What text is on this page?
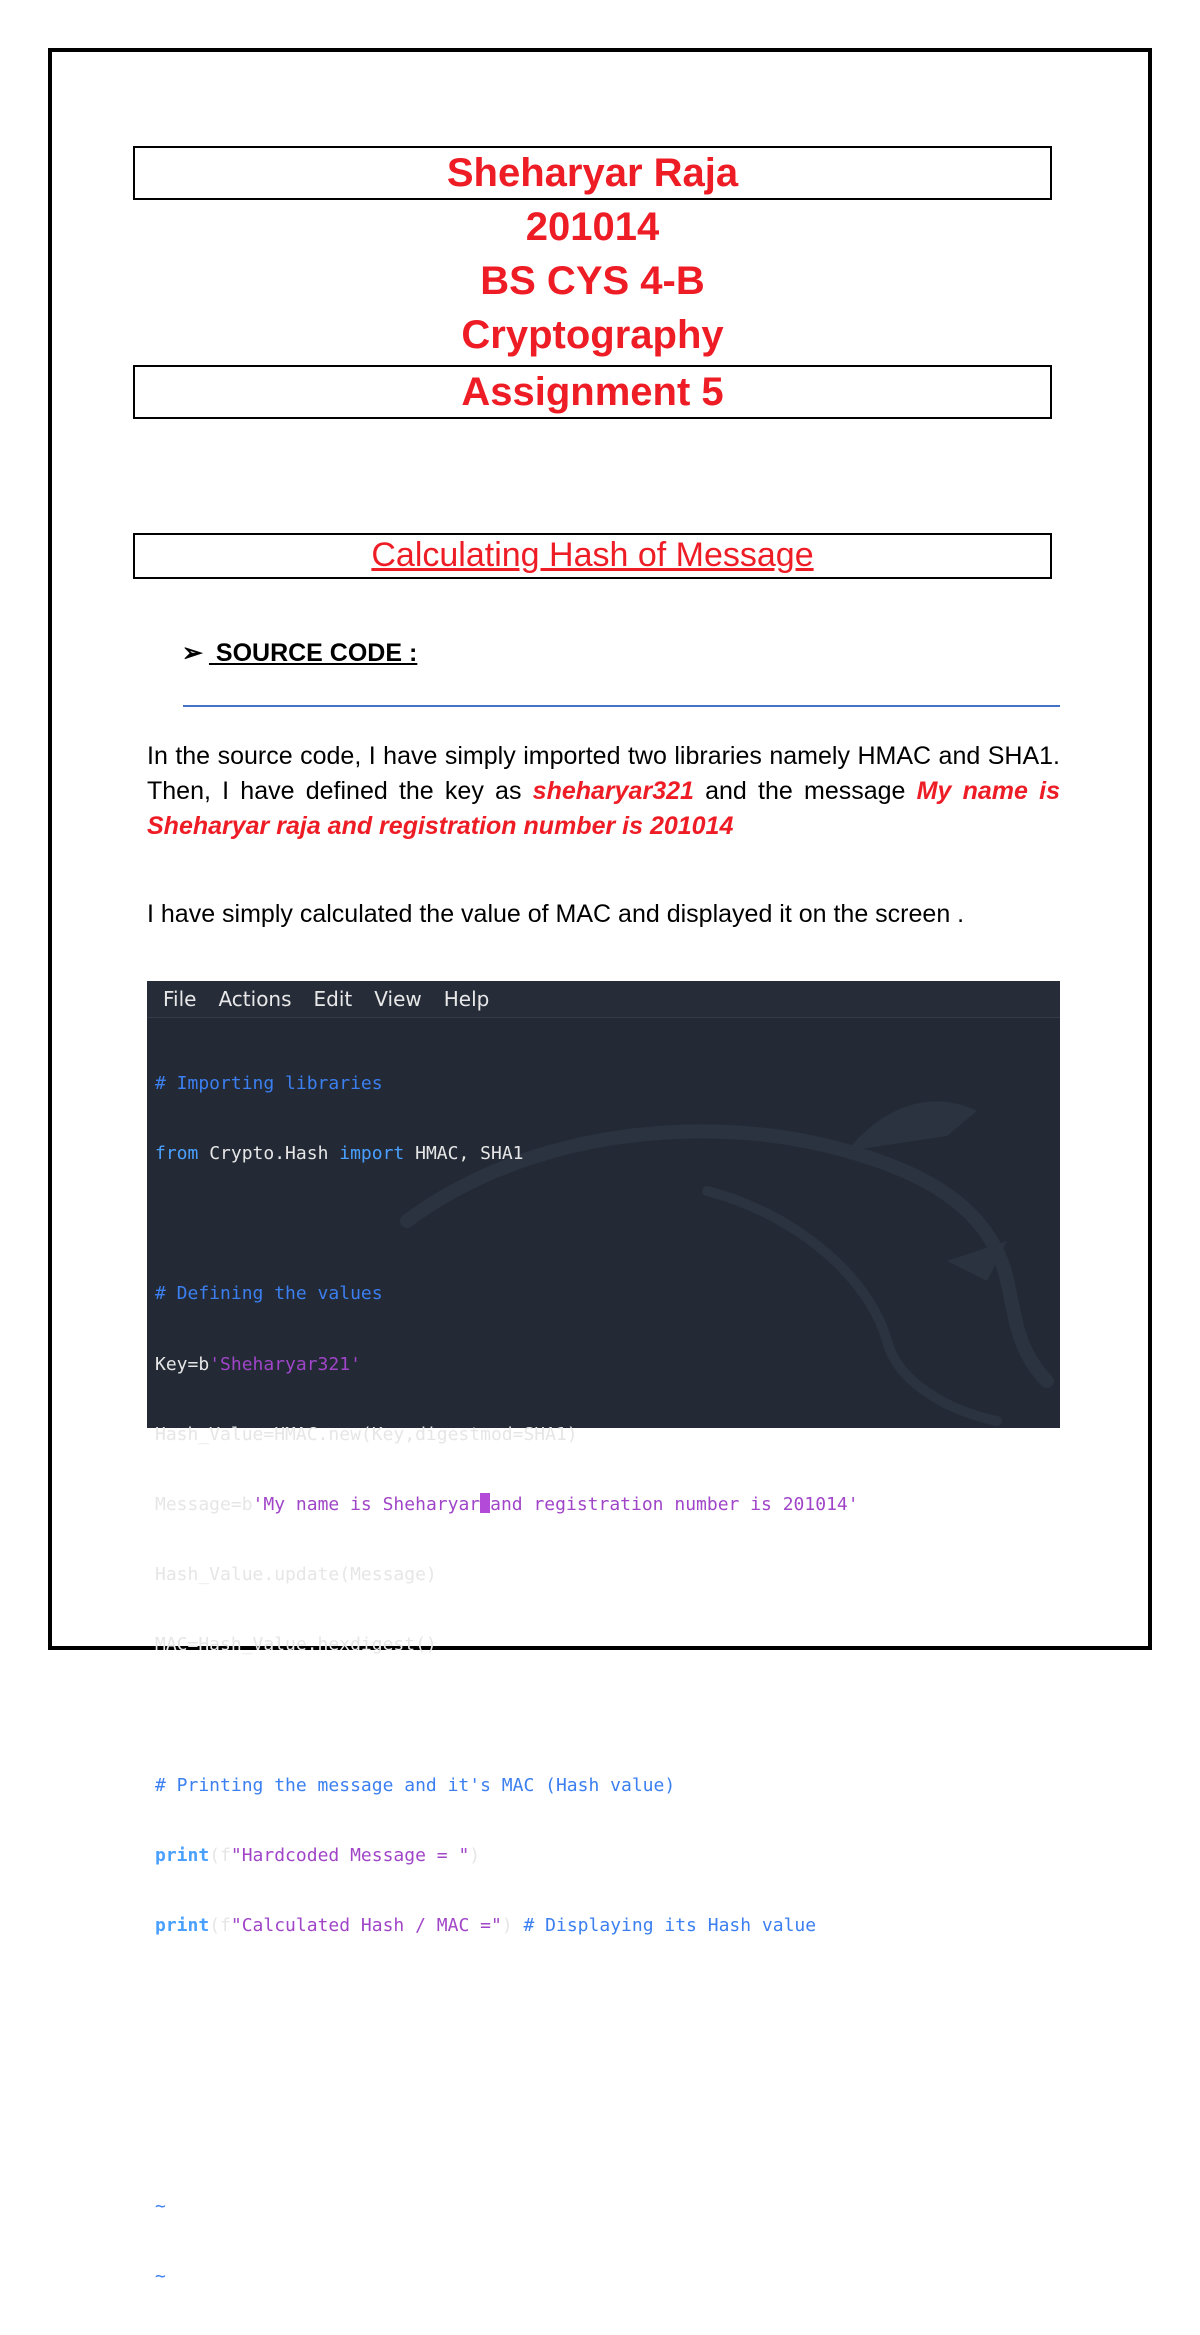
Sheharyar Raja
201014
BS CYS 4-B
Cryptography
Assignment 5
Calculating Hash of Message
➢ SOURCE CODE :

In the source code, I have simply imported two libraries namely HMAC and SHA1. Then, I have defined the key as sheharyar321 and the message My name is Sheharyar raja and registration number is 201014

I have simply calculated the value of MAC and displayed it on the screen .

File Actions Edit View Help

# Importing libraries

from Crypto.Hash import HMAC, SHA1

# Defining the values

Key=b'Sheharyar321'

Hash_Value=HMAC.new(Key,digestmod=SHA1)

Message=b'My name is Sheharyar and registration number is 201014'

Hash_Value.update(Message)

MAC=Hash_Value.hexdigest()

# Printing the message and it's MAC (Hash value)

print(f"Hardcoded Message = ")

print(f"Calculated Hash / MAC =") # Displaying its Hash value

~

~
